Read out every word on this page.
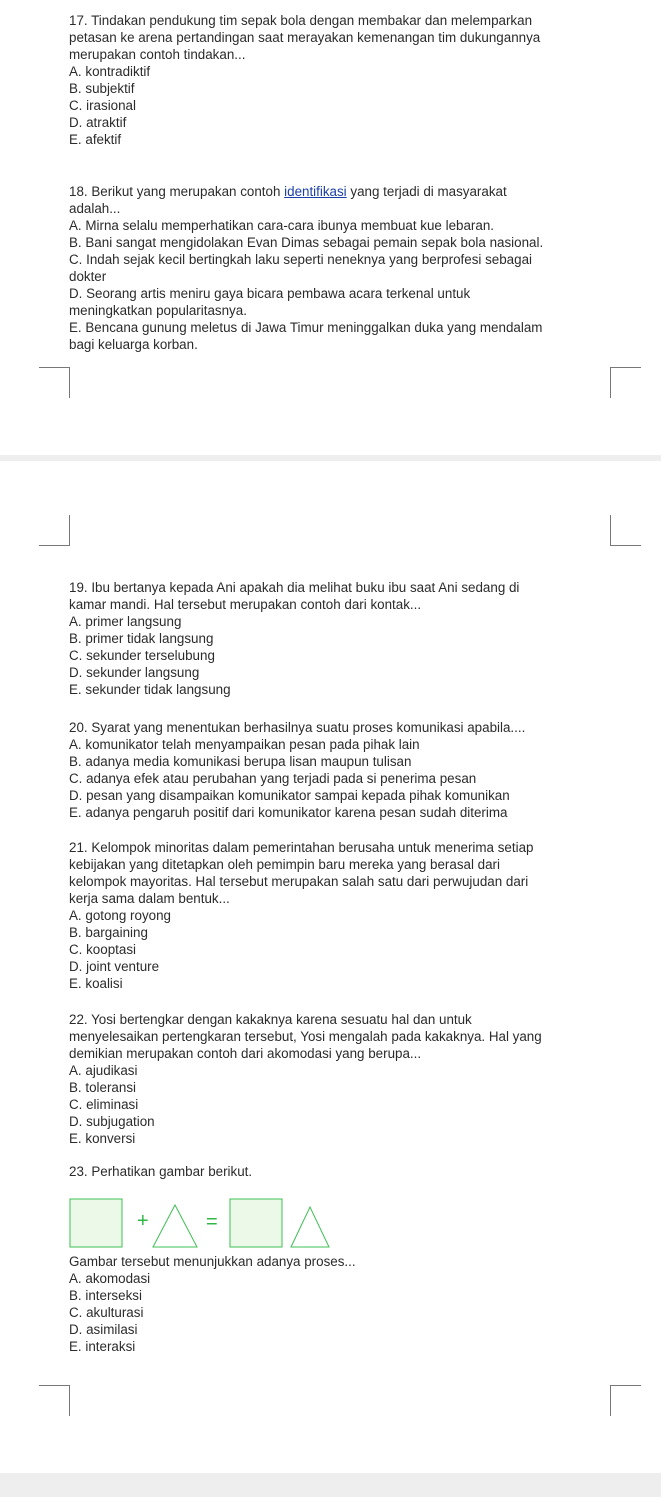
17. Tindakan pendukung tim sepak bola dengan membakar dan melemparkan
petasan ke arena pertandingan saat merayakan kemenangan tim dukungannya
merupakan contoh tindakan...
A. kontradiktif
B. subjektif
C. irasional
D. atraktif
E. afektif
18. Berikut yang merupakan contoh identifikasi yang terjadi di masyarakat
adalah...
A. Mirna selalu memperhatikan cara-cara ibunya membuat kue lebaran.
B. Bani sangat mengidolakan Evan Dimas sebagai pemain sepak bola nasional.
C. Indah sejak kecil bertingkah laku seperti neneknya yang berprofesi sebagai
dokter
D. Seorang artis meniru gaya bicara pembawa acara terkenal untuk
meningkatkan popularitasnya.
E. Bencana gunung meletus di Jawa Timur meninggalkan duka yang mendalam
bagi keluarga korban.
19. Ibu bertanya kepada Ani apakah dia melihat buku ibu saat Ani sedang di
kamar mandi. Hal tersebut merupakan contoh dari kontak...
A. primer langsung
B. primer tidak langsung
C. sekunder terselubung
D. sekunder langsung
E. sekunder tidak langsung
20. Syarat yang menentukan berhasilnya suatu proses komunikasi apabila....
A. komunikator telah menyampaikan pesan pada pihak lain
B. adanya media komunikasi berupa lisan maupun tulisan
C. adanya efek atau perubahan yang terjadi pada si penerima pesan
D. pesan yang disampaikan komunikator sampai kepada pihak komunikan
E. adanya pengaruh positif dari komunikator karena pesan sudah diterima
21. Kelompok minoritas dalam pemerintahan berusaha untuk menerima setiap
kebijakan yang ditetapkan oleh pemimpin baru mereka yang berasal dari
kelompok mayoritas. Hal tersebut merupakan salah satu dari perwujudan dari
kerja sama dalam bentuk...
A. gotong royong
B. bargaining
C. kooptasi
D. joint venture
E. koalisi
22. Yosi bertengkar dengan kakaknya karena sesuatu hal dan untuk
menyelesaikan pertengkaran tersebut, Yosi mengalah pada kakaknya. Hal yang
demikian merupakan contoh dari akomodasi yang berupa...
A. ajudikasi
B. toleransi
C. eliminasi
D. subjugation
E. konversi
23. Perhatikan gambar berikut.
+	=
Gambar tersebut menunjukkan adanya proses...
A. akomodasi
B. interseksi
C. akulturasi
D. asimilasi
E. interaksi
